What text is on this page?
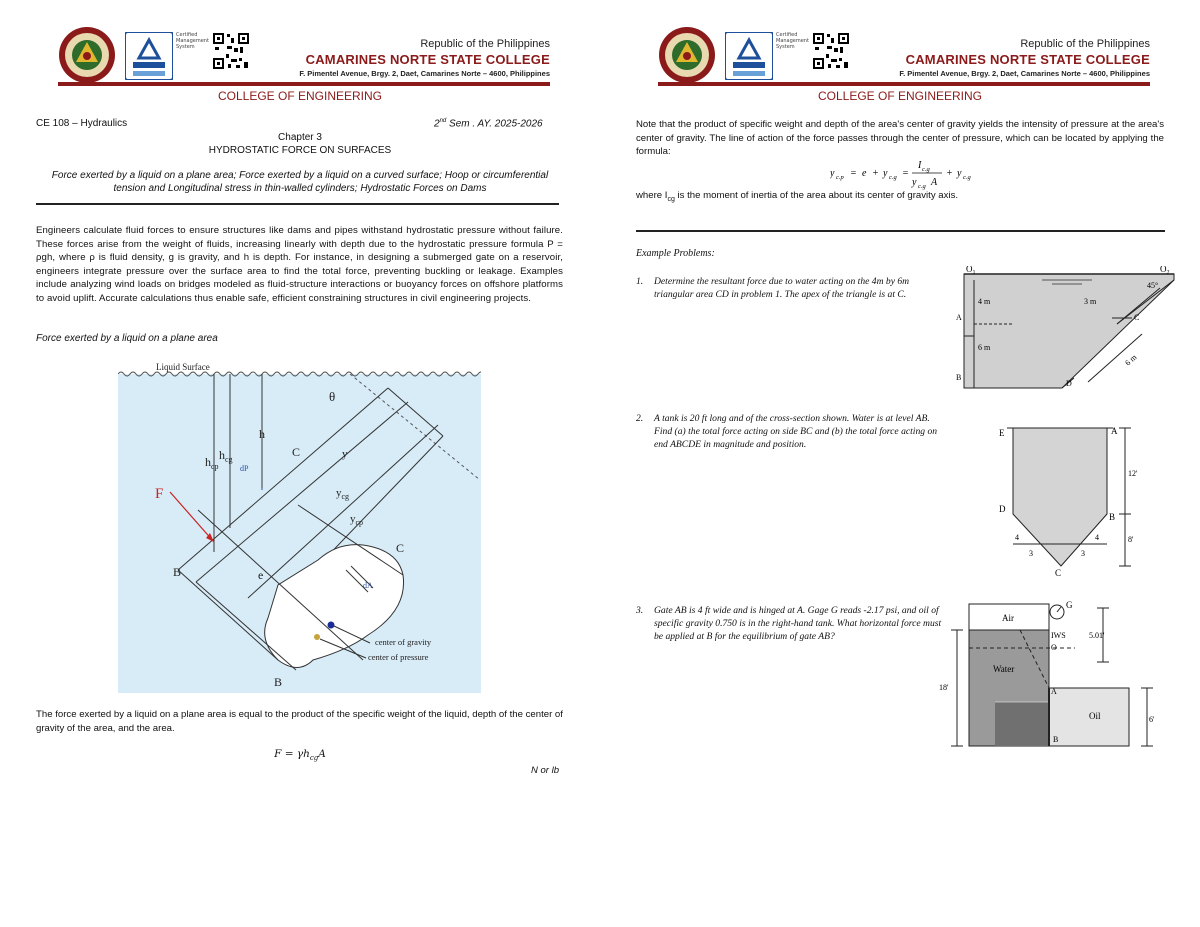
Certified Management System	Republic of the Philippines
CAMARINES NORTE STATE COLLEGE
F. Pimentel Avenue, Brgy. 2, Daet, Camarines Norte – 4600, Philippines
COLLEGE OF ENGINEERING
CE 108 – Hydraulics	2nd Sem . AY. 2025-2026
Chapter 3
HYDROSTATIC FORCE ON SURFACES
Force exerted by a liquid on a plane area; Force exerted by a liquid on a curved surface; Hoop or circumferential tension and Longitudinal stress in thin-walled cylinders; Hydrostatic Forces on Dams
Engineers calculate fluid forces to ensure structures like dams and pipes withstand hydrostatic pressure without failure. These forces arise from the weight of fluids, increasing linearly with depth due to the hydrostatic pressure formula P = ρgh, where ρ is fluid density, g is gravity, and h is depth. For instance, in designing a submerged gate on a reservoir, engineers integrate pressure over the surface area to find the total force, preventing buckling or leakage. Examples include analyzing wind loads on bridges modeled as fluid-structure interactions or buoyancy forces on offshore platforms to avoid uplift. Accurate calculations thus enable safe, efficient constraining structures in civil engineering projects.
Force exerted by a liquid on a plane area
Liquid Surface
θ
h
$h_{cg}$
$h_{cp}$	dP
C	y
$y_{cg}$
$y_{cp}$
F
B	e
C
dA
center of gravity
center of pressure
B
The force exerted by a liquid on a plane area is equal to the product of the specific weight of the liquid, depth of the center of gravity of the area, and the area.
$F = \gamma h_{cg}A$
N or lb
Certified Management System	Republic of the Philippines
CAMARINES NORTE STATE COLLEGE
F. Pimentel Avenue, Brgy. 2, Daet, Camarines Norte – 4600, Philippines
COLLEGE OF ENGINEERING
Note that the product of specific weight and depth of the area's center of gravity yields the intensity of pressure at the area's center of gravity. The line of action of the force passes through the center of pressure, which can be located by applying the formula:
y c.p = e + y c.g =
I c.g
y c.g A
+ y c.g
where $I_{cg}$ is the moment of inertia of the area about its center of gravity axis.
Example Problems:
1. Determine the resultant force due to water acting on the 4m by 6m triangular area CD in problem 1. The apex of the triangle is at C.
2. A tank is 20 ft long and of the cross-section shown. Water is at level AB. Find (a) the total force acting on side BC and (b) the total force acting on end ABCDE in magnitude and position.
3. Gate AB is 4 ft wide and is hinged at A. Gage G reads -2.17 psi, and oil of specific gravity 0.750 is in the right-hand tank. What horizontal force must be applied at B for the equilibrium of gate AB?
$O_1$	$O_2$
45°
4 m	3 m
6 m
6 m
A
B
C
D
E	A
D
B
C
12'
8'
4	4
3	3
Air
G
IWS
O
5.01'
Water
Oil
18'
6'
A
B
